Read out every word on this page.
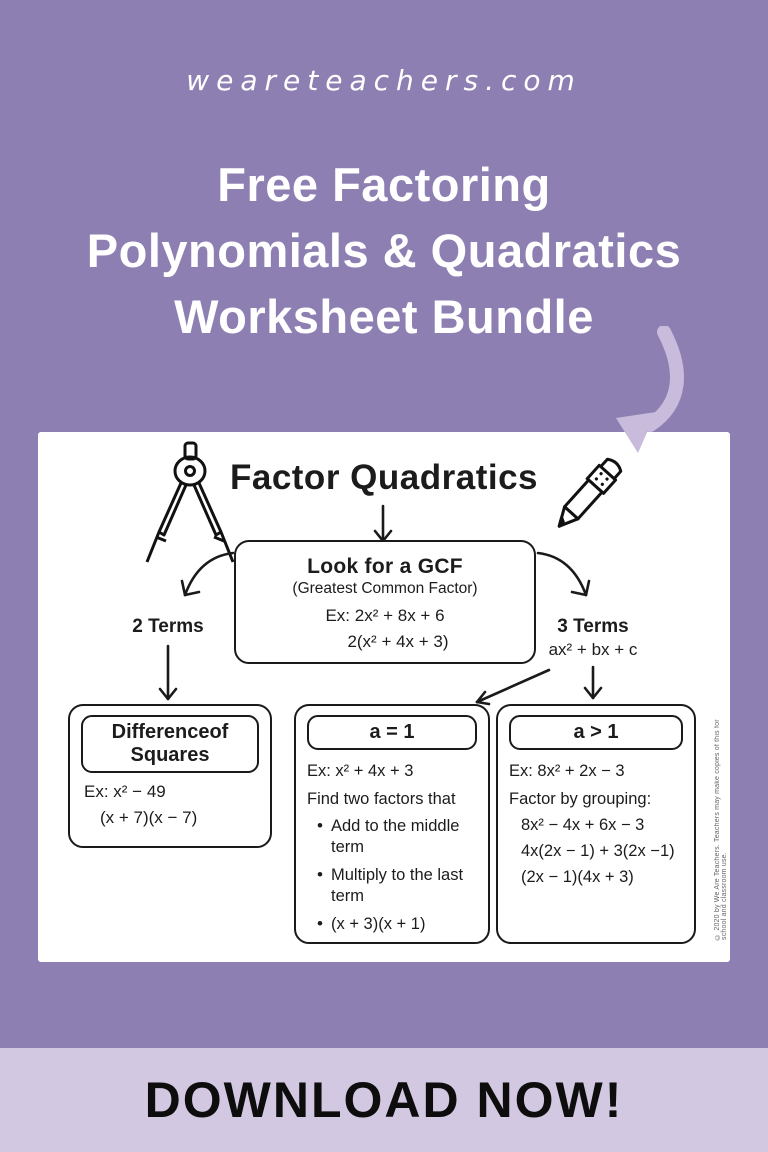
weareteachers.com
Free Factoring
Polynomials & Quadratics
Worksheet Bundle
Factor Quadratics
Look for a GCF
(Greatest Common Factor)
Ex: 2x² + 8x + 6
2(x² + 4x + 3)
2 Terms	3 Terms
ax² + bx + c
Differenceof
Squares
Ex: x² − 49
(x + 7)(x − 7)
a = 1
Ex: x² + 4x + 3
Find two factors that
• Add to the middle term
• Multiply to the last term
• (x + 3)(x + 1)
a > 1
Ex: 8x² + 2x − 3
Factor by grouping:
8x² − 4x + 6x − 3
4x(2x − 1) + 3(2x −1)
(2x − 1)(4x + 3)	© 2020 by We Are Teachers. Teachers may make copies of this for school and classroom use.
DOWNLOAD NOW!
